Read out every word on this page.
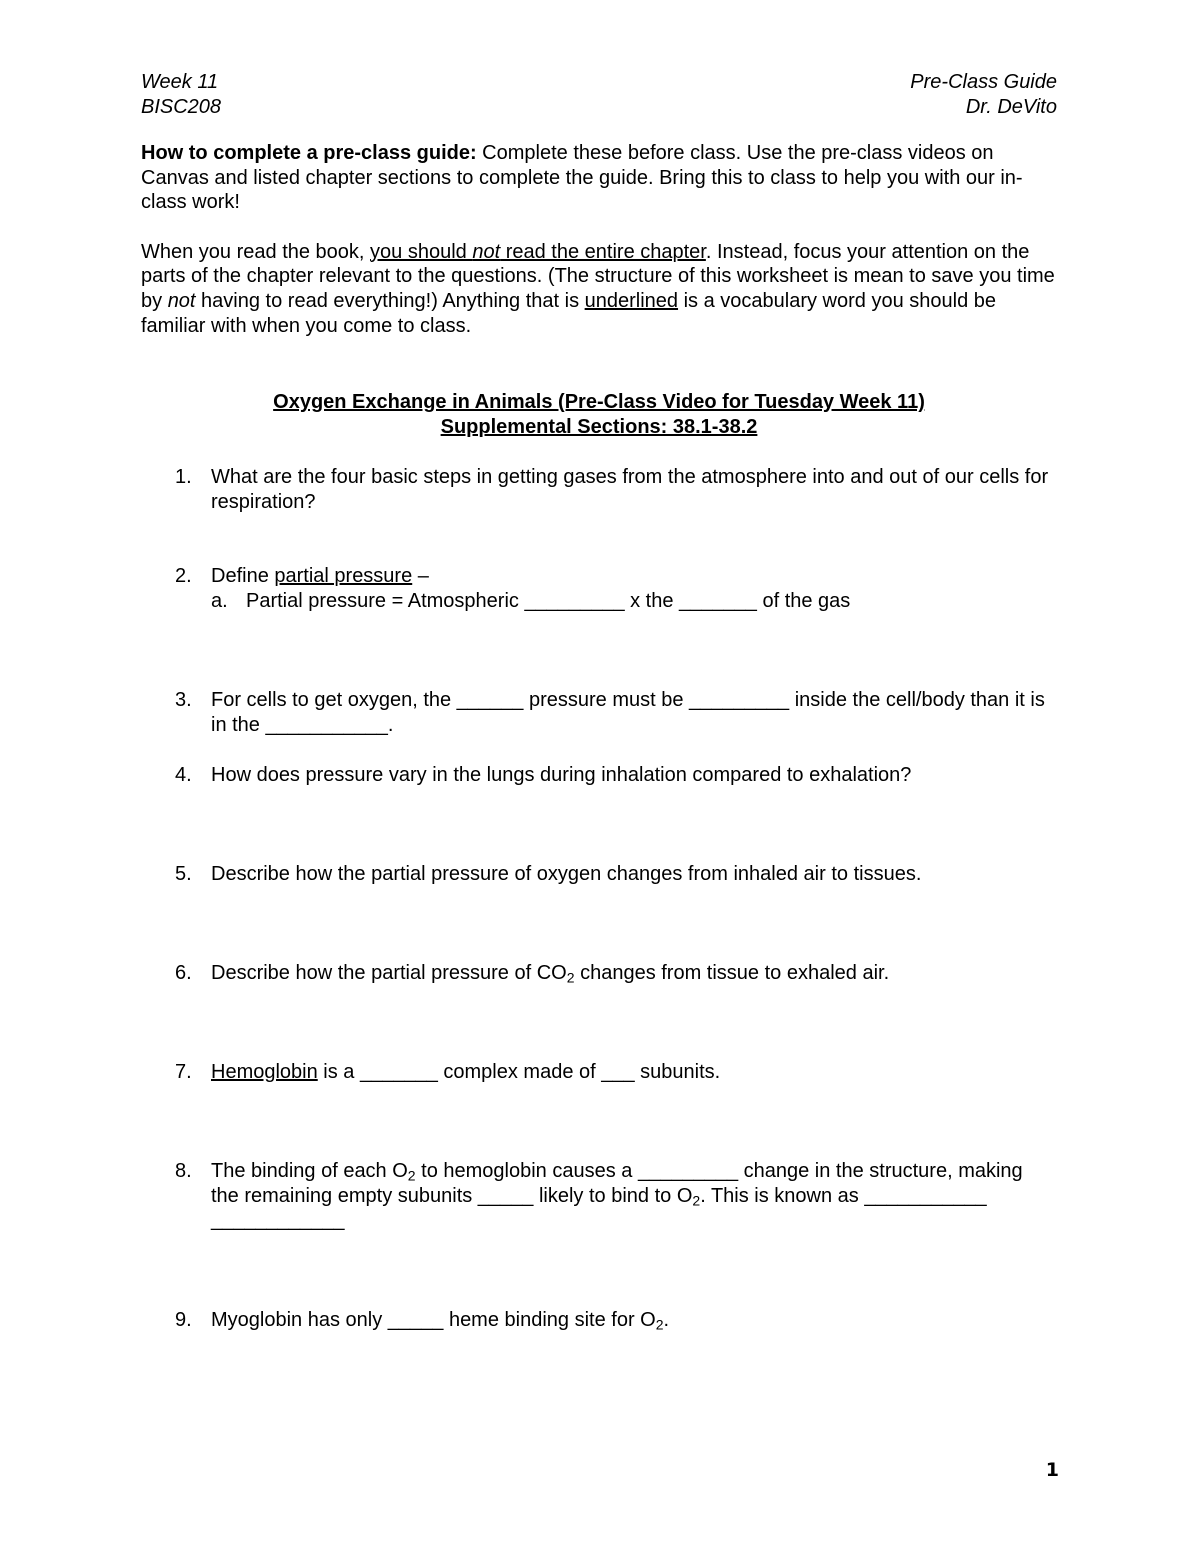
Week 11	Pre-Class Guide
BISC208	Dr. DeVito

How to complete a pre-class guide: Complete these before class. Use the pre-class videos on Canvas and listed chapter sections to complete the guide. Bring this to class to help you with our in-class work!

When you read the book, you should not read the entire chapter. Instead, focus your attention on the parts of the chapter relevant to the questions. (The structure of this worksheet is mean to save you time by not having to read everything!) Anything that is underlined is a vocabulary word you should be familiar with when you come to class.

Oxygen Exchange in Animals (Pre-Class Video for Tuesday Week 11)
Supplemental Sections: 38.1-38.2
1. What are the four basic steps in getting gases from the atmosphere into and out of our cells for respiration?
2. Define partial pressure –
a. Partial pressure = Atmospheric _________ x the _______ of the gas
3. For cells to get oxygen, the ______ pressure must be _________ inside the cell/body than it is in the ___________.
4. How does pressure vary in the lungs during inhalation compared to exhalation?
5. Describe how the partial pressure of oxygen changes from inhaled air to tissues.
6. Describe how the partial pressure of $CO_2$ changes from tissue to exhaled air.
7. Hemoglobin is a _______ complex made of ___ subunits.
8. The binding of each $O_2$ to hemoglobin causes a _________ change in the structure, making the remaining empty subunits _____ likely to bind to $O_2$. This is known as ___________ ____________
9. Myoglobin has only _____ heme binding site for $O_2$.
1
